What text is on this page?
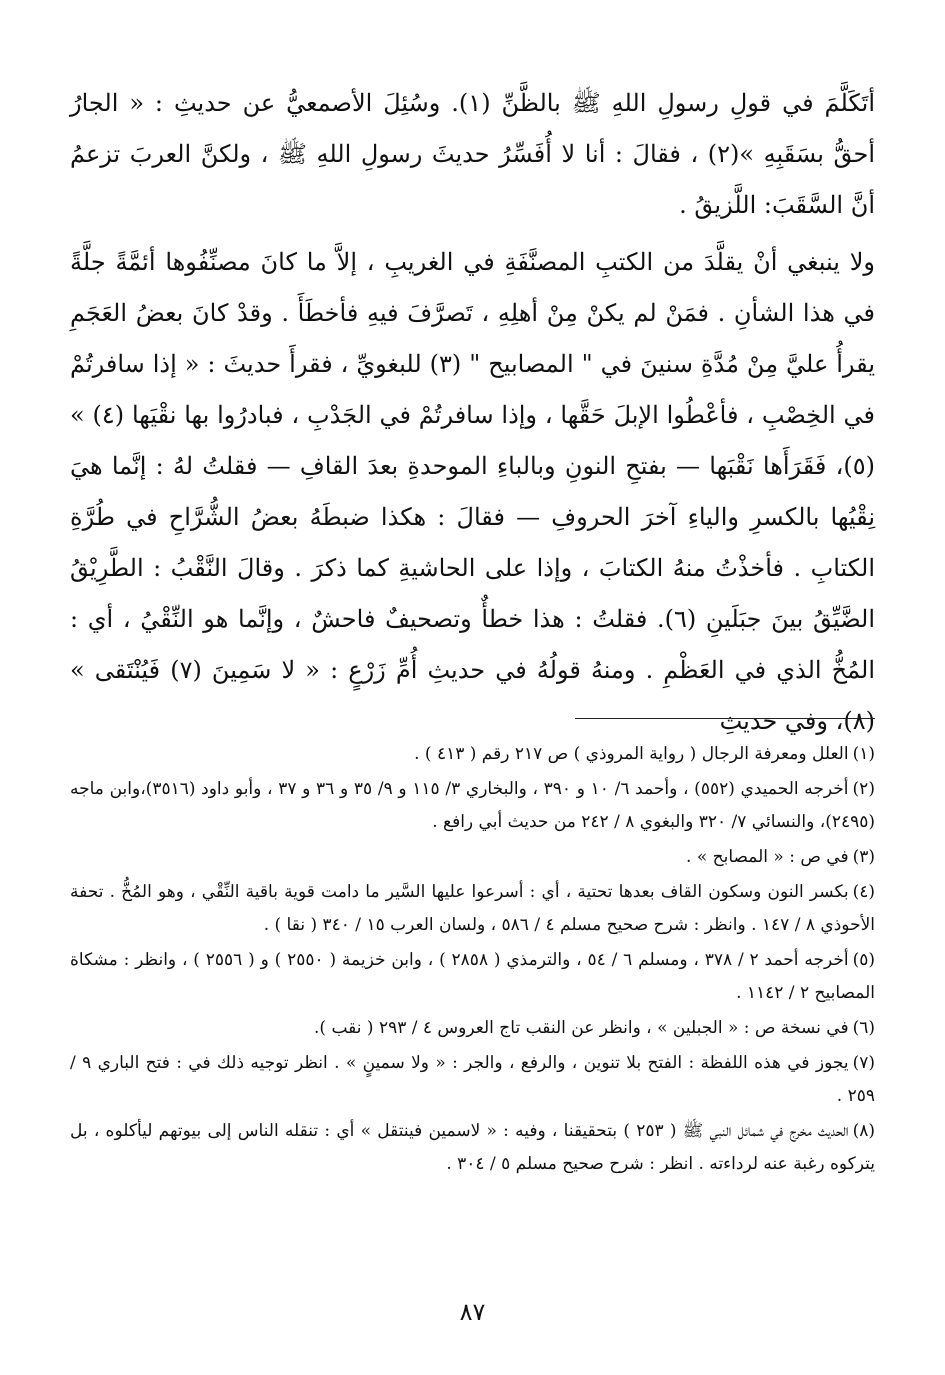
أتَكَلَّمَ في قولِ رسولِ اللهِ ﷺ بالظَّنِّ (١). وسُئِلَ الأصمعيُّ عن حديثِ : « الجارُ أحقُّ بسَقَبِهِ »(٢) ، فقالَ : أنا لا أُفَسِّرُ حديثَ رسولِ اللهِ ﷺ ، ولكنَّ العربَ تزعمُ أنَّ السَّقَبَ: اللَّزيقُ .

ولا ينبغي أنْ يقلَّدَ من الكتبِ المصنَّفَةِ في الغريبِ ، إلاَّ ما كانَ مصنِّفُوها أئمَّةً جلَّةً في هذا الشأنِ . فمَنْ لم يكنْ مِنْ أهلِهِ ، تَصرَّفَ فيهِ فأخطَأَ . وقدْ كانَ بعضُ العَجَمِ يقرأُ عليَّ مِنْ مُدَّةِ سنينَ في " المصابيح " (٣) للبغويِّ ، فقرأَ حديثَ : « إذا سافرتُمْ في الخِصْبِ ، فأعْطُوا الإبلَ حَقَّها ، وإذا سافرتُمْ في الجَدْبِ ، فبادرُوا بها نقْيَها (٤) » (٥)، فَقَرَأَها نَقْبَها — بفتحِ النونِ وبالباءِ الموحدةِ بعدَ القافِ — فقلتُ لهُ : إنَّما هيَ نِقْيُها بالكسرِ والياءِ آخرَ الحروفِ — فقالَ : هكذا ضبطَهُ بعضُ الشُّرَّاحِ في طُرَّةِ الكتابِ . فأخذْتُ منهُ الكتابَ ، وإذا على الحاشيةِ كما ذكرَ . وقالَ النَّقْبُ : الطَّرِيْقُ الضَّيِّقُ بينَ جبَلَينِ (٦). فقلتُ : هذا خطأٌ وتصحيفٌ فاحشٌ ، وإنَّما هو النِّقْيُ ، أي : المُخُّ الذي في العَظْمِ . ومنهُ قولُهُ في حديثِ أُمِّ زَرْعٍ : « لا سَمِينَ (٧) فَيُنْتَقى » (٨)، وفي حديثِ

(١)العلل ومعرفة الرجال ( رواية المروذي ) ص ٢١٧ رقم ( ٤١٣ ) .
(٢)أخرجه الحميدي (٥٥٢) ، وأحمد ٦/ ١٠ و ٣٩٠ ، والبخاري ٣/ ١١٥ و ٩/ ٣٥ و ٣٦ و ٣٧ ، وأبو داود (٣٥١٦)،وابن ماجه (٢٤٩٥)، والنسائي ٧/ ٣٢٠ والبغوي ٨ / ٢٤٢ من حديث أبي رافع .
(٣)في ص : « المصابح » .
(٤)بكسر النون وسكون القاف بعدها تحتية ، أي : أسرعوا عليها السَّير ما دامت قوية باقية النِّقْي ، وهو المُخُّ . تحفة الأحوذي ٨ / ١٤٧ . وانظر : شرح صحيح مسلم ٤ / ٥٨٦ ، ولسان العرب ١٥ / ٣٤٠ ( نقا ) .
(٥)أخرجه أحمد ٢ / ٣٧٨ ، ومسلم ٦ / ٥٤ ، والترمذي ( ٢٨٥٨ ) ، وابن خزيمة ( ٢٥٥٠ ) و ( ٢٥٥٦ ) ، وانظر : مشكاة المصابيح ٢ / ١١٤٢ .
(٦)في نسخة ص : « الجبلين » ، وانظر عن النقب تاج العروس ٤ / ٢٩٣ ( نقب ).
(٧)يجوز في هذه اللفظة : الفتح بلا تنوين ، والرفع ، والجر : « ولا سمينٍ » . انظر توجيه ذلك في : فتح الباري ٩ / ٢٥٩ .
(٨)الحديث مخرج في شمائل النبي ﷺ ( ٢٥٣ ) بتحقيقنا ، وفيه : « لاسمين فينتقل » أي : تنقله الناس إلى بيوتهم ليأكلوه ، بل يتركوه رغبة عنه لرداءته . انظر : شرح صحيح مسلم ٥ / ٣٠٤ .
٨٧
